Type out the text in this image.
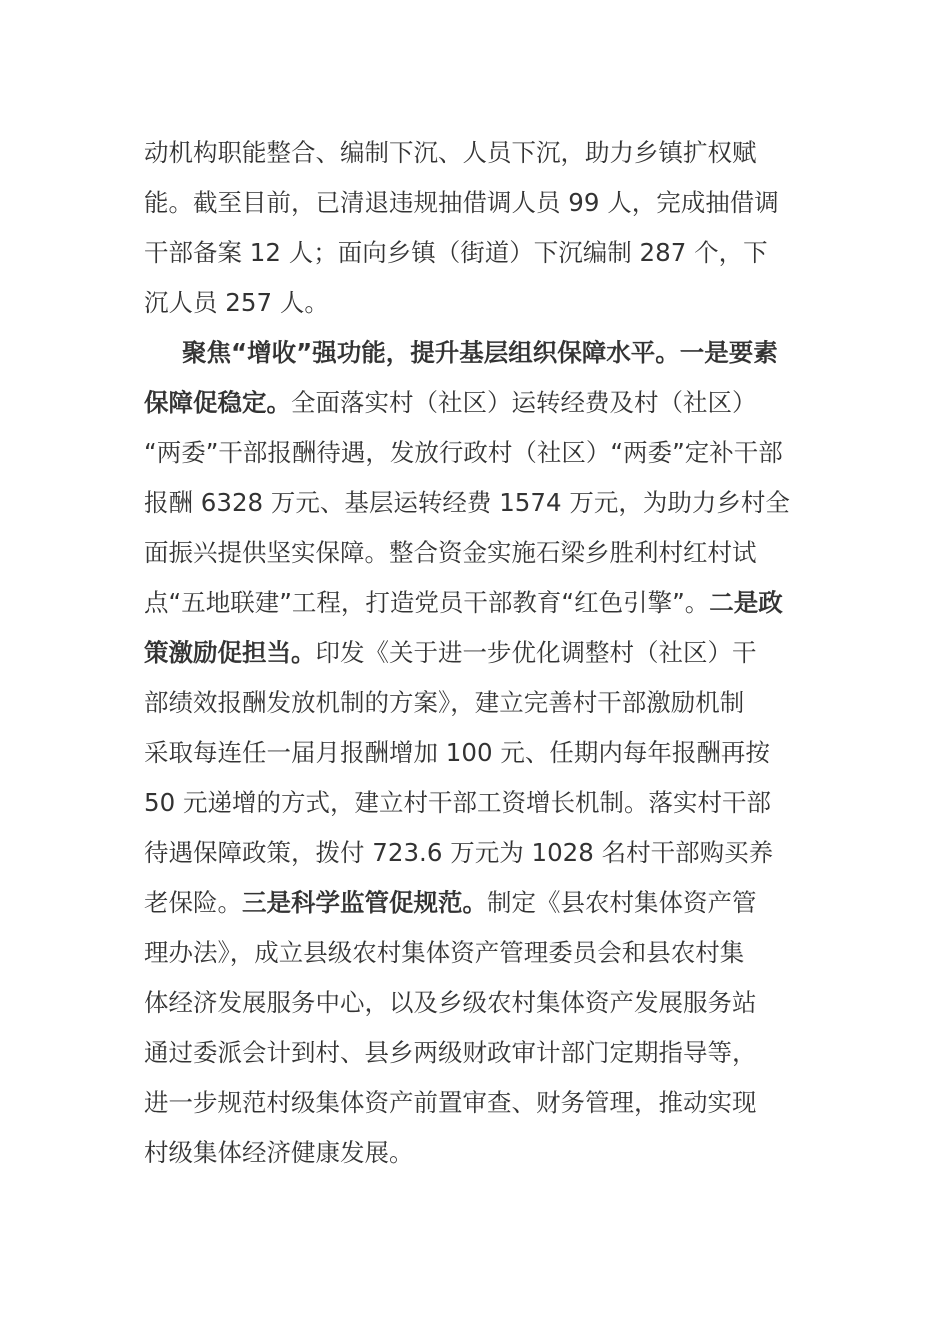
动机构职能整合、编制下沉、人员下沉，助力乡镇扩权赋
能。截至目前，已清退违规抽借调人员 99 人，完成抽借调
干部备案 12 人；面向乡镇（街道）下沉编制 287 个，下
沉人员 257 人。
聚焦“增收”强功能，提升基层组织保障水平。一是要素
保障促稳定。全面落实村（社区）运转经费及村（社区）
“两委”干部报酬待遇，发放行政村（社区）“两委”定补干部
报酬 6328 万元、基层运转经费 1574 万元，为助力乡村全
面振兴提供坚实保障。整合资金实施石梁乡胜利村红村试
点“五地联建”工程，打造党员干部教育“红色引擎”。二是政
策激励促担当。印发《关于进一步优化调整村（社区）干
部绩效报酬发放机制的方案》，建立完善村干部激励机制
采取每连任一届月报酬增加 100 元、任期内每年报酬再按
50 元递增的方式，建立村干部工资增长机制。落实村干部
待遇保障政策，拨付 723.6 万元为 1028 名村干部购买养
老保险。三是科学监管促规范。制定《县农村集体资产管
理办法》，成立县级农村集体资产管理委员会和县农村集
体经济发展服务中心，以及乡级农村集体资产发展服务站
通过委派会计到村、县乡两级财政审计部门定期指导等，
进一步规范村级集体资产前置审查、财务管理，推动实现
村级集体经济健康发展。
